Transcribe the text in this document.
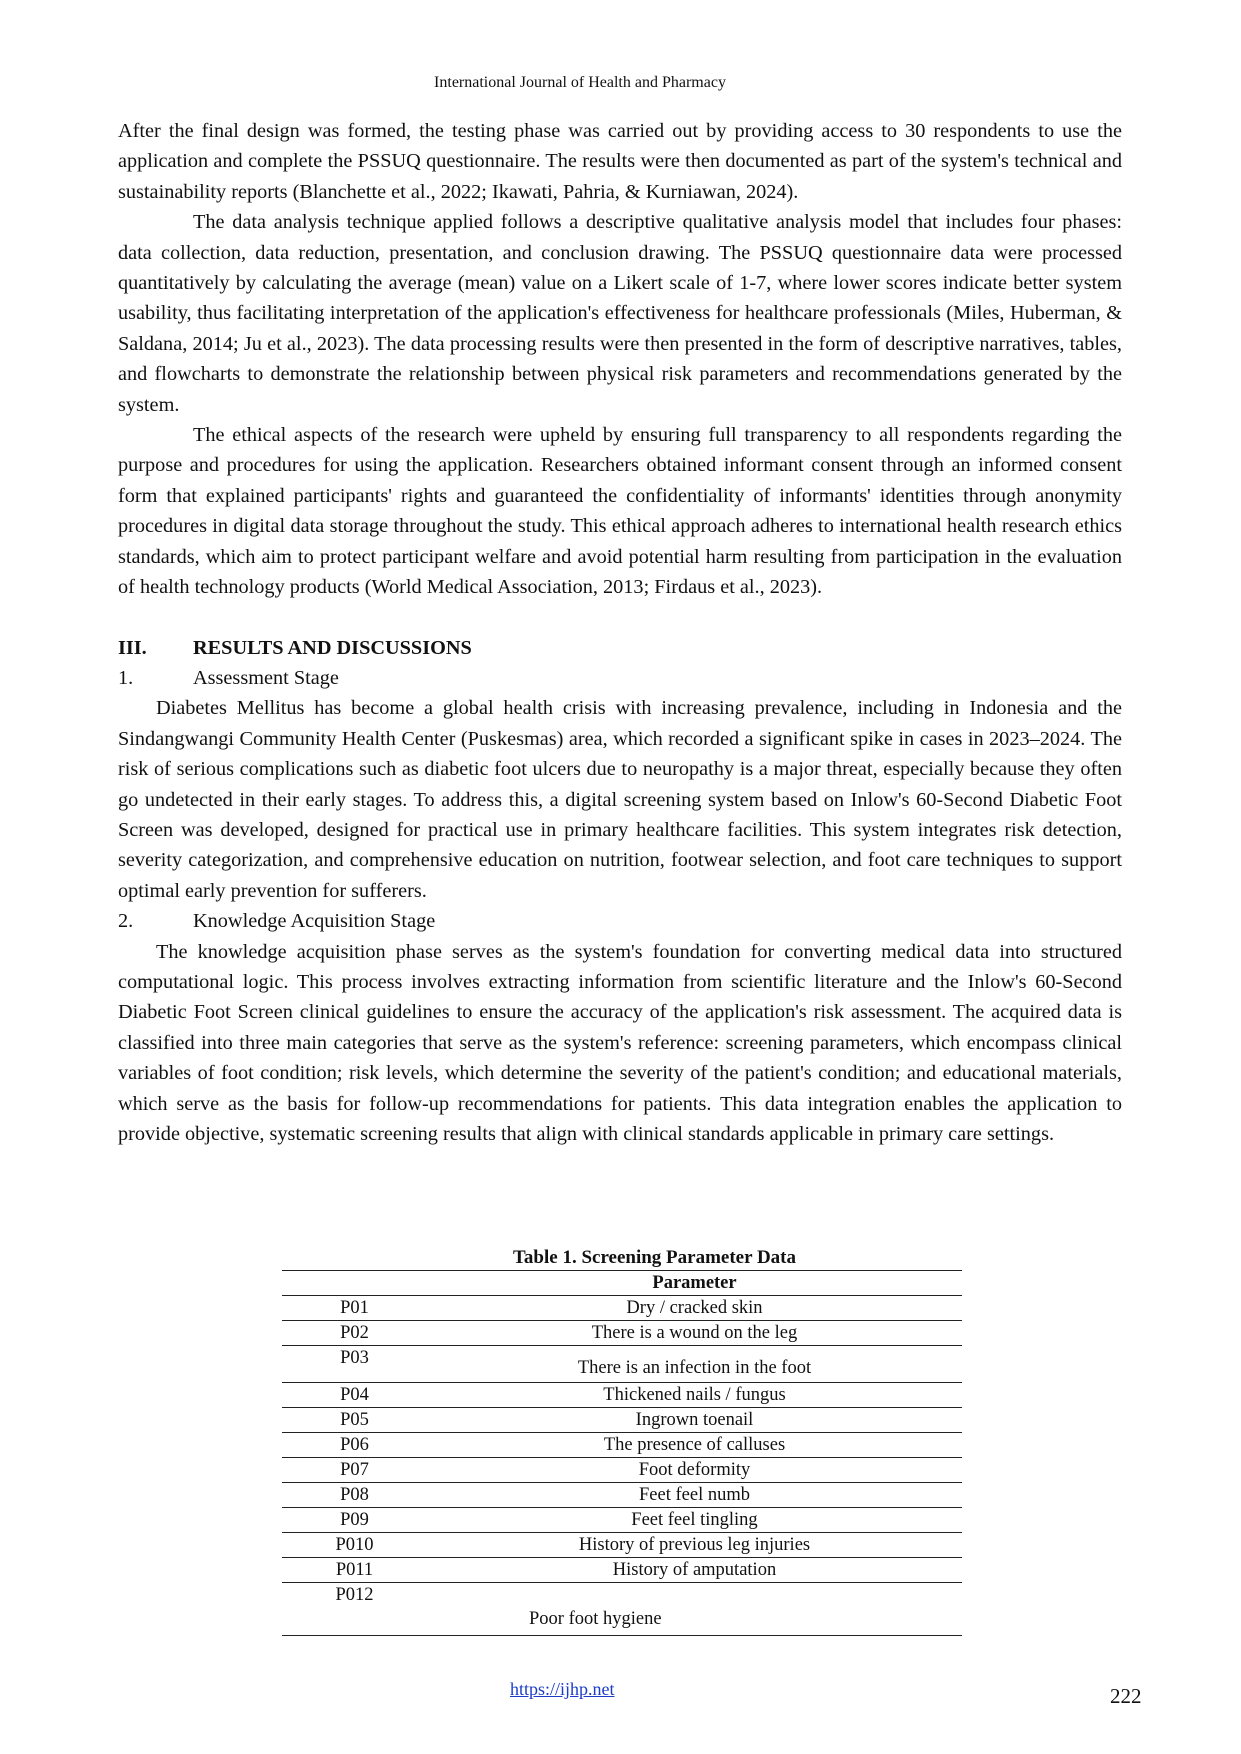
International Journal of Health and Pharmacy

After the final design was formed, the testing phase was carried out by providing access to 30 respondents to use the application and complete the PSSUQ questionnaire. The results were then documented as part of the system's technical and sustainability reports (Blanchette et al., 2022; Ikawati, Pahria, & Kurniawan, 2024).

The data analysis technique applied follows a descriptive qualitative analysis model that includes four phases: data collection, data reduction, presentation, and conclusion drawing. The PSSUQ questionnaire data were processed quantitatively by calculating the average (mean) value on a Likert scale of 1-7, where lower scores indicate better system usability, thus facilitating interpretation of the application's effectiveness for healthcare professionals (Miles, Huberman, & Saldana, 2014; Ju et al., 2023). The data processing results were then presented in the form of descriptive narratives, tables, and flowcharts to demonstrate the relationship between physical risk parameters and recommendations generated by the system.

The ethical aspects of the research were upheld by ensuring full transparency to all respondents regarding the purpose and procedures for using the application. Researchers obtained informant consent through an informed consent form that explained participants' rights and guaranteed the confidentiality of informants' identities through anonymity procedures in digital data storage throughout the study. This ethical approach adheres to international health research ethics standards, which aim to protect participant welfare and avoid potential harm resulting from participation in the evaluation of health technology products (World Medical Association, 2013; Firdaus et al., 2023).

III.	RESULTS AND DISCUSSIONS
1.	Assessment Stage

Diabetes Mellitus has become a global health crisis with increasing prevalence, including in Indonesia and the Sindangwangi Community Health Center (Puskesmas) area, which recorded a significant spike in cases in 2023–2024. The risk of serious complications such as diabetic foot ulcers due to neuropathy is a major threat, especially because they often go undetected in their early stages. To address this, a digital screening system based on Inlow's 60-Second Diabetic Foot Screen was developed, designed for practical use in primary healthcare facilities. This system integrates risk detection, severity categorization, and comprehensive education on nutrition, footwear selection, and foot care techniques to support optimal early prevention for sufferers.

2.	Knowledge Acquisition Stage

The knowledge acquisition phase serves as the system's foundation for converting medical data into structured computational logic. This process involves extracting information from scientific literature and the Inlow's 60-Second Diabetic Foot Screen clinical guidelines to ensure the accuracy of the application's risk assessment. The acquired data is classified into three main categories that serve as the system's reference: screening parameters, which encompass clinical variables of foot condition; risk levels, which determine the severity of the patient's condition; and educational materials, which serve as the basis for follow-up recommendations for patients. This data integration enables the application to provide objective, systematic screening results that align with clinical standards applicable in primary care settings.

Table 1. Screening Parameter Data
	Parameter
P01	Dry / cracked skin
P02	There is a wound on the leg
P03	There is an infection in the foot
P04	Thickened nails / fungus
P05	Ingrown toenail
P06	The presence of calluses
P07	Foot deformity
P08	Feet feel numb
P09	Feet feel tingling
P010	History of previous leg injuries
P011	History of amputation
P012	Poor foot hygiene
https://ijhp.net	222
